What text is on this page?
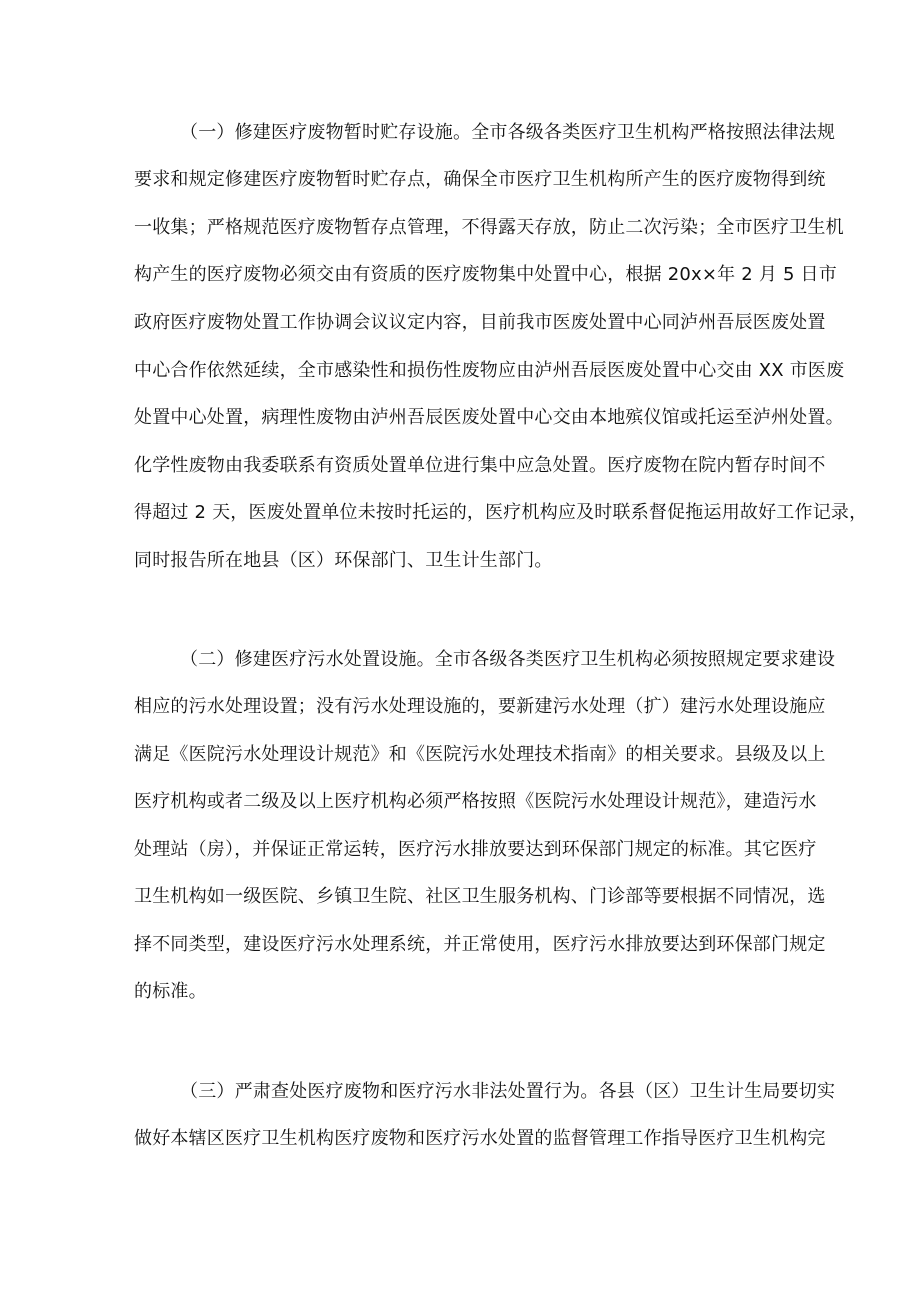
（一）修建医疗废物暂时贮存设施。全市各级各类医疗卫生机构严格按照法律法规
要求和规定修建医疗废物暂时贮存点，确保全市医疗卫生机构所产生的医疗废物得到统
一收集；严格规范医疗废物暂存点管理，不得露天存放，防止二次污染；全市医疗卫生机
构产生的医疗废物必须交由有资质的医疗废物集中处置中心，根据 20x×年 2 月 5 日市
政府医疗废物处置工作协调会议议定内容，目前我市医废处置中心同泸州吾辰医废处置
中心合作依然延续，全市感染性和损伤性废物应由泸州吾辰医废处置中心交由 XX 市医废
处置中心处置，病理性废物由泸州吾辰医废处置中心交由本地殡仪馆或托运至泸州处置。
化学性废物由我委联系有资质处置单位进行集中应急处置。医疗废物在院内暂存时间不
得超过 2 天，医废处置单位未按时托运的，医疗机构应及时联系督促拖运用故好工作记录，
同时报告所在地县（区）环保部门、卫生计生部门。
（二）修建医疗污水处置设施。全市各级各类医疗卫生机构必须按照规定要求建设
相应的污水处理设置；没有污水处理设施的，要新建污水处理（扩）建污水处理设施应
满足《医院污水处理设计规范》和《医院污水处理技术指南》的相关要求。县级及以上
医疗机构或者二级及以上医疗机构必须严格按照《医院污水处理设计规范》，建造污水
处理站（房），并保证正常运转，医疗污水排放要达到环保部门规定的标准。其它医疗
卫生机构如一级医院、乡镇卫生院、社区卫生服务机构、门诊部等要根据不同情况，选
择不同类型，建设医疗污水处理系统，并正常使用，医疗污水排放要达到环保部门规定
的标准。
（三）严肃查处医疗废物和医疗污水非法处置行为。各县（区）卫生计生局要切实
做好本辖区医疗卫生机构医疗废物和医疗污水处置的监督管理工作指导医疗卫生机构完
